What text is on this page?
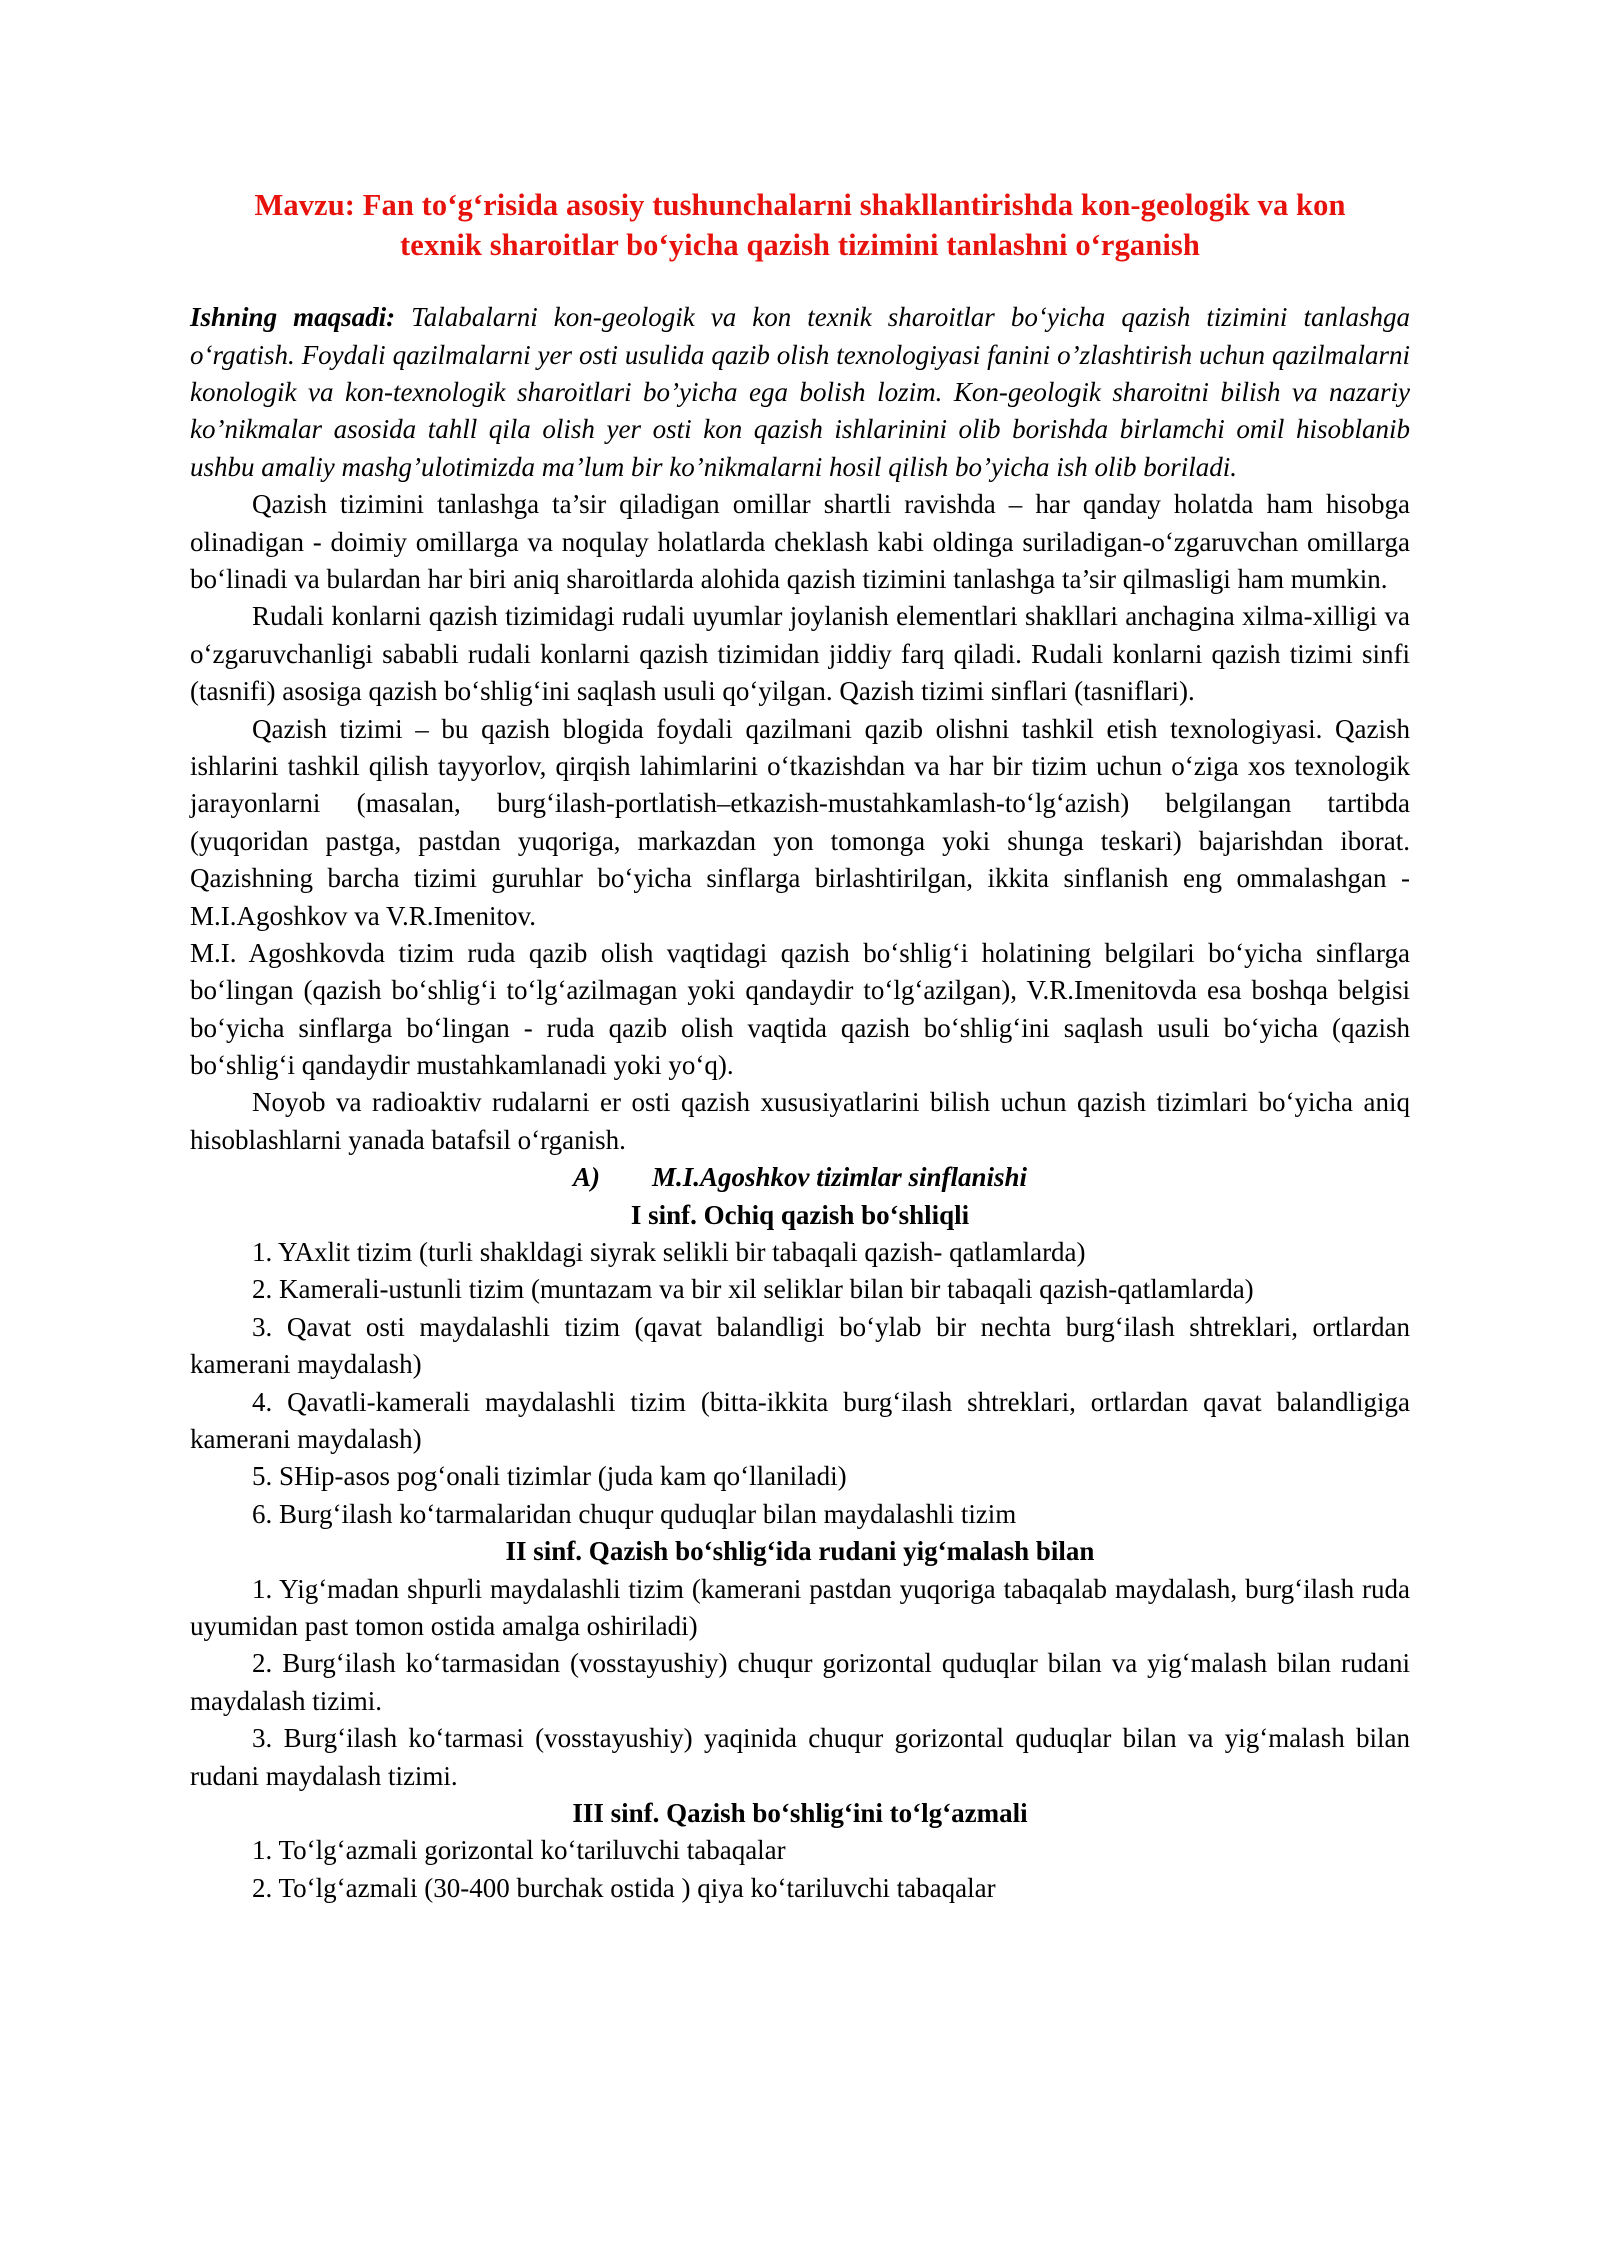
Mavzu: Fan to‘g‘risida asosiy tushunchalarni shakllantirishda kon-geologik va kon
texnik sharoitlar bo‘yicha qazish tizimini tanlashni o‘rganish

Ishning maqsadi: Talabalarni kon-geologik va kon texnik sharoitlar bo‘yicha qazish tizimini tanlashga o‘rgatish. Foydali qazilmalarni yer osti usulida qazib olish texnologiyasi fanini o’zlashtirish uchun qazilmalarni konologik va kon-texnologik sharoitlari bo’yicha ega bolish lozim. Kon-geologik sharoitni bilish va nazariy ko’nikmalar asosida tahll qila olish yer osti kon qazish ishlarinini olib borishda birlamchi omil hisoblanib ushbu amaliy mashg’ulotimizda ma’lum bir ko’nikmalarni hosil qilish bo’yicha ish olib boriladi.

Qazish tizimini tanlashga ta’sir qiladigan omillar shartli ravishda – har qanday holatda ham hisobga olinadigan - doimiy omillarga va noqulay holatlarda cheklash kabi oldinga suriladigan-o‘zgaruvchan omillarga bo‘linadi va bulardan har biri aniq sharoitlarda alohida qazish tizimini tanlashga ta’sir qilmasligi ham mumkin.

Rudali konlarni qazish tizimidagi rudali uyumlar joylanish elementlari shakllari anchagina xilma-xilligi va o‘zgaruvchanligi sababli rudali konlarni qazish tizimidan jiddiy farq qiladi. Rudali konlarni qazish tizimi sinfi (tasnifi) asosiga qazish bo‘shlig‘ini saqlash usuli qo‘yilgan. Qazish tizimi sinflari (tasniflari).

Qazish tizimi – bu qazish blogida foydali qazilmani qazib olishni tashkil etish texnologiyasi. Qazish ishlarini tashkil qilish tayyorlov, qirqish lahimlarini o‘tkazishdan va har bir tizim uchun o‘ziga xos texnologik jarayonlarni (masalan, burg‘ilash-portlatish–etkazish-mustahkamlash-to‘lg‘azish) belgilangan tartibda (yuqoridan pastga, pastdan yuqoriga, markazdan yon tomonga yoki shunga teskari) bajarishdan iborat. Qazishning barcha tizimi guruhlar bo‘yicha sinflarga birlashtirilgan, ikkita sinflanish eng ommalashgan - M.I.Agoshkov va V.R.Imenitov.

M.I. Agoshkovda tizim ruda qazib olish vaqtidagi qazish bo‘shlig‘i holatining belgilari bo‘yicha sinflarga bo‘lingan (qazish bo‘shlig‘i to‘lg‘azilmagan yoki qandaydir to‘lg‘azilgan), V.R.Imenitovda esa boshqa belgisi bo‘yicha sinflarga bo‘lingan - ruda qazib olish vaqtida qazish bo‘shlig‘ini saqlash usuli bo‘yicha (qazish bo‘shlig‘i qandaydir mustahkamlanadi yoki yo‘q).

Noyob va radioaktiv rudalarni er osti qazish xususiyatlarini bilish uchun qazish tizimlari bo‘yicha aniq hisoblashlarni yanada batafsil o‘rganish.

A) M.I.Agoshkov tizimlar sinflanishi

I sinf. Ochiq qazish bo‘shliqli

1. YAxlit tizim (turli shakldagi siyrak selikli bir tabaqali qazish- qatlamlarda)

2. Kamerali-ustunli tizim (muntazam va bir xil seliklar bilan bir tabaqali qazish-qatlamlarda)

3. Qavat osti maydalashli tizim (qavat balandligi bo‘ylab bir nechta burg‘ilash shtreklari, ortlardan kamerani maydalash)

4. Qavatli-kamerali maydalashli tizim (bitta-ikkita burg‘ilash shtreklari, ortlardan qavat balandligiga kamerani maydalash)

5. SHip-asos pog‘onali tizimlar (juda kam qo‘llaniladi)

6. Burg‘ilash ko‘tarmalaridan chuqur quduqlar bilan maydalashli tizim

II sinf. Qazish bo‘shlig‘ida rudani yig‘malash bilan

1. Yig‘madan shpurli maydalashli tizim (kamerani pastdan yuqoriga tabaqalab maydalash, burg‘ilash ruda uyumidan past tomon ostida amalga oshiriladi)

2. Burg‘ilash ko‘tarmasidan (vosstayushiy) chuqur gorizontal quduqlar bilan va yig‘malash bilan rudani maydalash tizimi.

3. Burg‘ilash ko‘tarmasi (vosstayushiy) yaqinida chuqur gorizontal quduqlar bilan va yig‘malash bilan rudani maydalash tizimi.

III sinf. Qazish bo‘shlig‘ini to‘lg‘azmali

1. To‘lg‘azmali gorizontal ko‘tariluvchi tabaqalar

2. To‘lg‘azmali (30-400 burchak ostida ) qiya ko‘tariluvchi tabaqalar
